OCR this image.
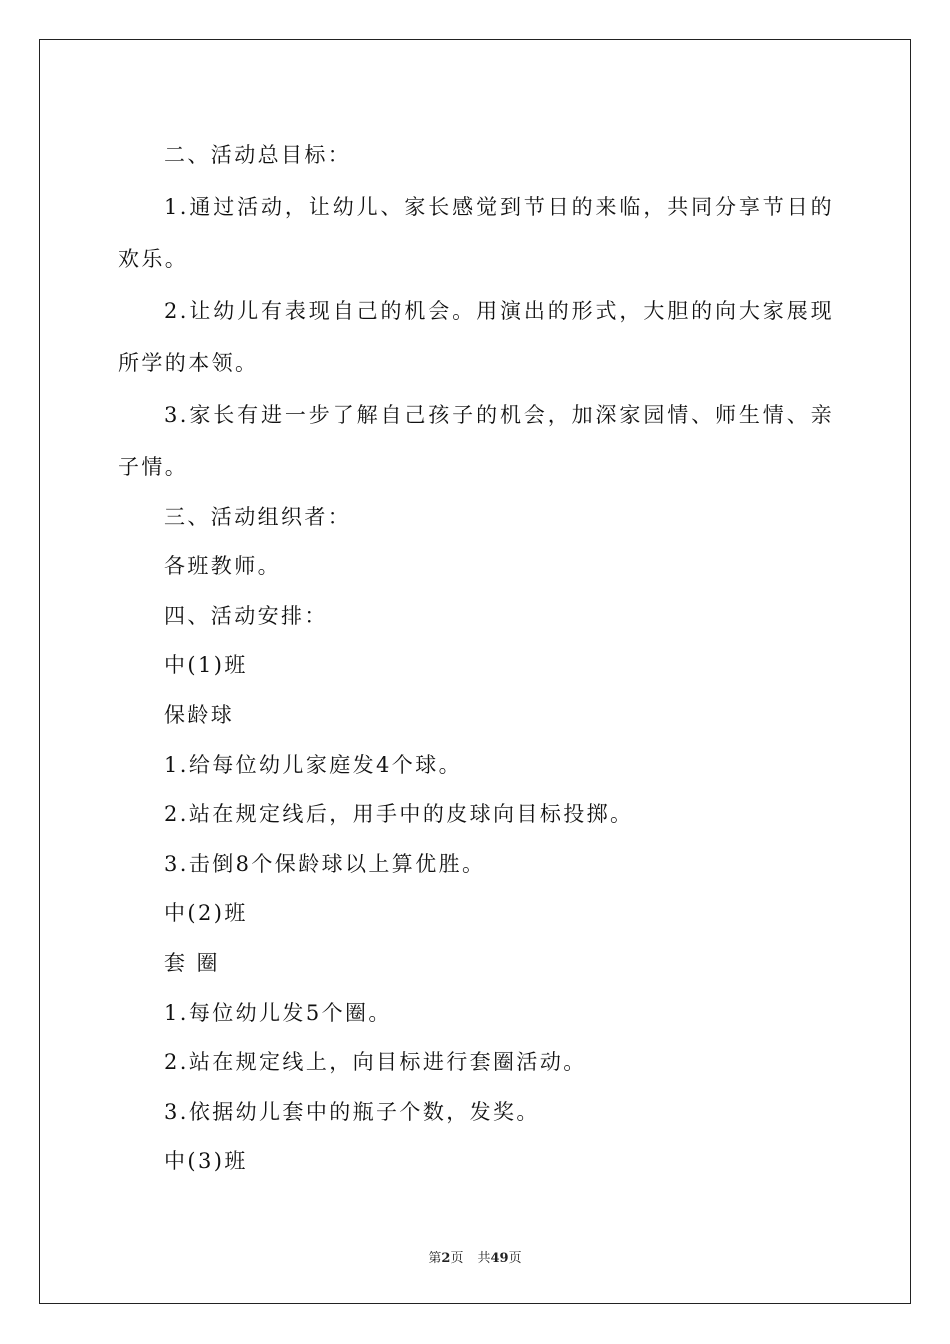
二、活动总目标：

1.通过活动，让幼儿、家长感觉到节日的来临，共同分享节日的欢乐。

2.让幼儿有表现自己的机会。用演出的形式，大胆的向大家展现所学的本领。

3.家长有进一步了解自己孩子的机会，加深家园情、师生情、亲子情。

三、活动组织者：

各班教师。

四、活动安排：

中(1)班

保龄球

1.给每位幼儿家庭发4个球。

2.站在规定线后，用手中的皮球向目标投掷。

3.击倒8个保龄球以上算优胜。

中(2)班

套 圈

1.每位幼儿发5个圈。

2.站在规定线上，向目标进行套圈活动。

3.依据幼儿套中的瓶子个数，发奖。

中(3)班

第2页 共49页
